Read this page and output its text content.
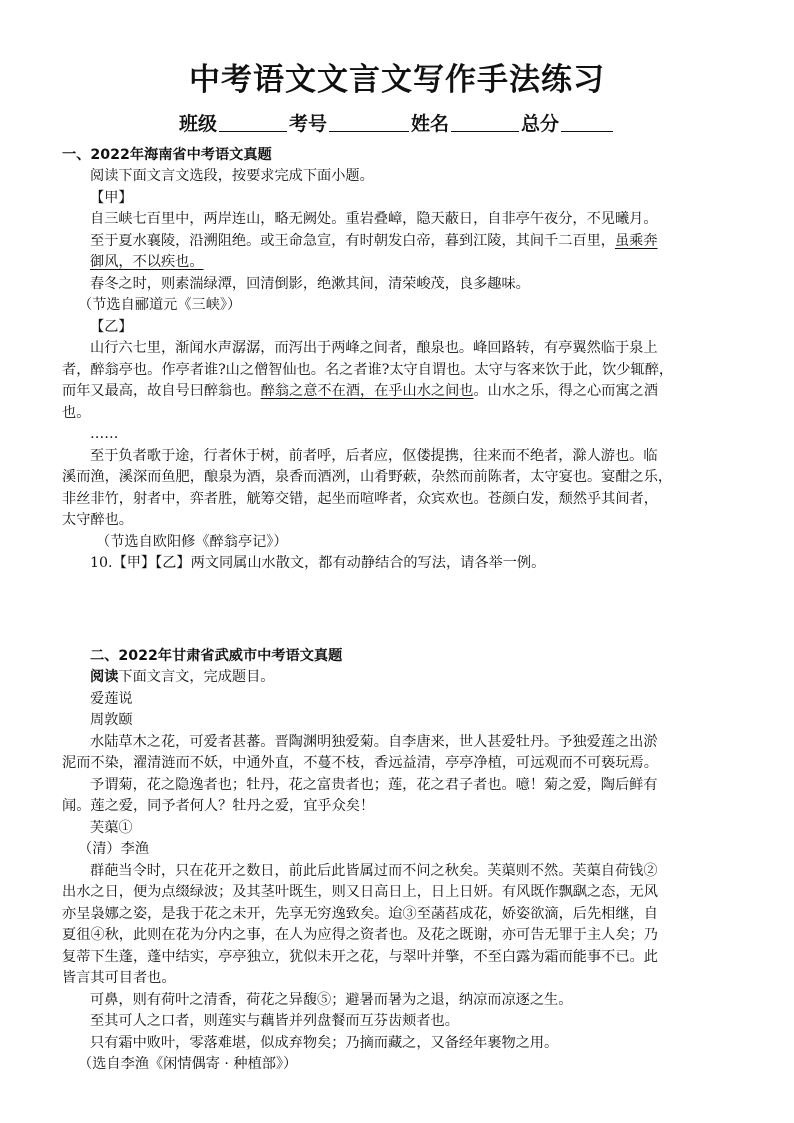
中考语文文言文写作手法练习
班级	考号	姓名	总分
一、2022年海南省中考语文真题
阅读下面文言文选段，按要求完成下面小题。
【甲】
自三峡七百里中，两岸连山，略无阙处。重岩叠嶂，隐天蔽日，自非亭午夜分，不见曦月。
至于夏水襄陵，沿溯阻绝。或王命急宣，有时朝发白帝，暮到江陵，其间千二百里，虽乘奔
御风，不以疾也。
春冬之时，则素湍绿潭，回清倒影，绝漱其间，清荣峻茂，良多趣味。
（节选自郦道元《三峡》）
【乙】
山行六七里，渐闻水声潺潺，而泻出于两峰之间者，酿泉也。峰回路转，有亭翼然临于泉上
者，醉翁亭也。作亭者谁?山之僧智仙也。名之者谁?太守自谓也。太守与客来饮于此，饮少辄醉，
而年又最高，故自号曰醉翁也。醉翁之意不在酒，在乎山水之间也。山水之乐，得之心而寓之酒
也。
……
至于负者歌于途，行者休于树，前者呼，后者应，伛偻提携，往来而不绝者，滁人游也。临
溪而渔，溪深而鱼肥，酿泉为酒，泉香而酒冽，山肴野蔌，杂然而前陈者，太守宴也。宴酣之乐，
非丝非竹，射者中，弈者胜，觥筹交错，起坐而喧哗者，众宾欢也。苍颜白发，颓然乎其间者，
太守醉也。
（节选自欧阳修《醉翁亭记》）
10.【甲】【乙】两文同属山水散文，都有动静结合的写法，请各举一例。
二、2022年甘肃省武威市中考语文真题
阅读下面文言文，完成题目。
爱莲说
周敦颐
水陆草木之花，可爱者甚蕃。晋陶渊明独爱菊。自李唐来，世人甚爱牡丹。予独爱莲之出淤
泥而不染，濯清涟而不妖，中通外直，不蔓不枝，香远益清，亭亭净植，可远观而不可亵玩焉。
予谓菊，花之隐逸者也；牡丹，花之富贵者也；莲，花之君子者也。噫！菊之爱，陶后鲜有
闻。莲之爱，同予者何人？牡丹之爱，宜乎众矣！
芙蕖①
（清）李渔
群葩当令时，只在花开之数日，前此后此皆属过而不问之秋矣。芙蕖则不然。芙蕖自荷钱②
出水之日，便为点缀绿波；及其茎叶既生，则又日高日上，日上日妍。有风既作飘飖之态，无风
亦呈袅娜之姿，是我于花之未开，先享无穷逸致矣。迨③至菡萏成花，娇姿欲滴，后先相继，自
夏徂④秋，此则在花为分内之事，在人为应得之资者也。及花之既谢，亦可告无罪于主人矣；乃
复蒂下生蓬，蓬中结实，亭亭独立，犹似未开之花，与翠叶并擎，不至白露为霜而能事不已。此
皆言其可目者也。
可鼻，则有荷叶之清香，荷花之异馥⑤；避暑而暑为之退，纳凉而凉逐之生。
至其可人之口者，则莲实与藕皆并列盘餐而互芬齿颊者也。
只有霜中败叶，零落难堪，似成弃物矣；乃摘而藏之，又备经年裹物之用。
（选自李渔《闲情偶寄 · 种植部》）
